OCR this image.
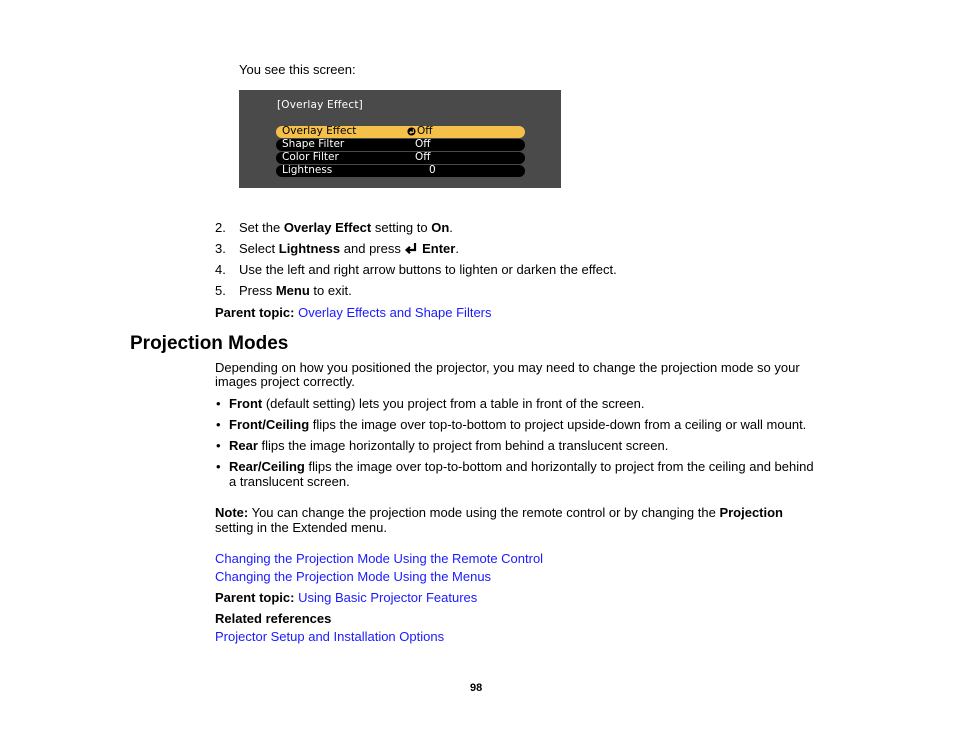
You see this screen:
[Overlay Effect]
Overlay Effect	Off
Shape Filter	Off
Color Filter	Off
Lightness	0
2. Set the Overlay Effect setting to On.
3. Select Lightness and press  Enter.
4. Use the left and right arrow buttons to lighten or darken the effect.
5. Press Menu to exit.
Parent topic: Overlay Effects and Shape Filters
Projection Modes
Depending on how you positioned the projector, you may need to change the projection mode so your
images project correctly.
• Front (default setting) lets you project from a table in front of the screen.
• Front/Ceiling flips the image over top-to-bottom to project upside-down from a ceiling or wall mount.
• Rear flips the image horizontally to project from behind a translucent screen.
• Rear/Ceiling flips the image over top-to-bottom and horizontally to project from the ceiling and behind
a translucent screen.
Note: You can change the projection mode using the remote control or by changing the Projection
setting in the Extended menu.
Changing the Projection Mode Using the Remote Control
Changing the Projection Mode Using the Menus
Parent topic: Using Basic Projector Features
Related references
Projector Setup and Installation Options
98
